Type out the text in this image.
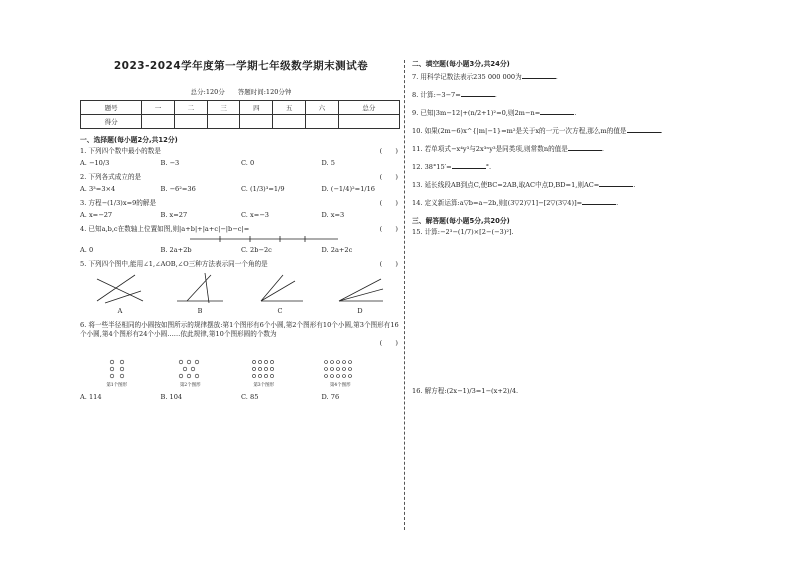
2023-2024学年度第一学期七年级数学期末测试卷
总分:120分　　答题时间:120分钟
题号	一	二	三	四	五	六	总分
得分							
一、选择题(每小题2分,共12分)
1. 下列四个数中最小的数是	(　　)
A. −10/3	B. −3	C. 0	D. 5
2. 下列各式成立的是	(　　)
A. 3³=3×4	B. −6²=36	C. (1/3)³=1/9	D. (−1/4)²=1/16
3. 方程−(1/3)x=9的解是	(　　)
A. x=−27	B. x=27	C. x=−3	D. x=3
4. 已知a,b,c在数轴上位置如图,则|a+b|+|a+c|−|b−c|=	(　　)
A. 0	B. 2a+2b	C. 2b−2c	D. 2a+2c
5. 下列四个图中,能用∠1,∠AOB,∠O三种方法表示同一个角的是	(　　)
A	B	C	D
6. 将一些半径相同的小圆按如图所示的规律摆放:第1个图形有6个小圆,第2个图形有10个小圆,第3个图形有16个小圆,第4个图形有24个小圆……依此规律,第10个图形圆的个数为
(　　)
第1个图形	第2个图形	第3个图形	第4个图形
A. 114	B. 104	C. 85	D. 76
二、填空题(每小题3分,共24分)
7. 用科学记数法表示235 000 000为	.
8. 计算:−3−7=	.
9. 已知|3m−12|+(n/2+1)²=0,则2m−n=	.
10. 如果(2m−6)x^{|m|−1}=m²是关于x的一元一次方程,那么m的值是	.
11. 若单项式−x⁴y³与2x³ⁿy³是同类项,则常数n的值是	.
12. 38°15′=	°.
13. 延长线段AB到点C,使BC=2AB,取AC中点D,BD=1,则AC=	.
14. 定义新运算:a▽b=a−2b,则[(3▽2)▽1]−[2▽(3▽4)]=	.
三、解答题(每小题5分,共20分)
15. 计算:−2³−(1/7)×[2−(−3)²].
16. 解方程:(2x−1)/3=1−(x+2)/4.
